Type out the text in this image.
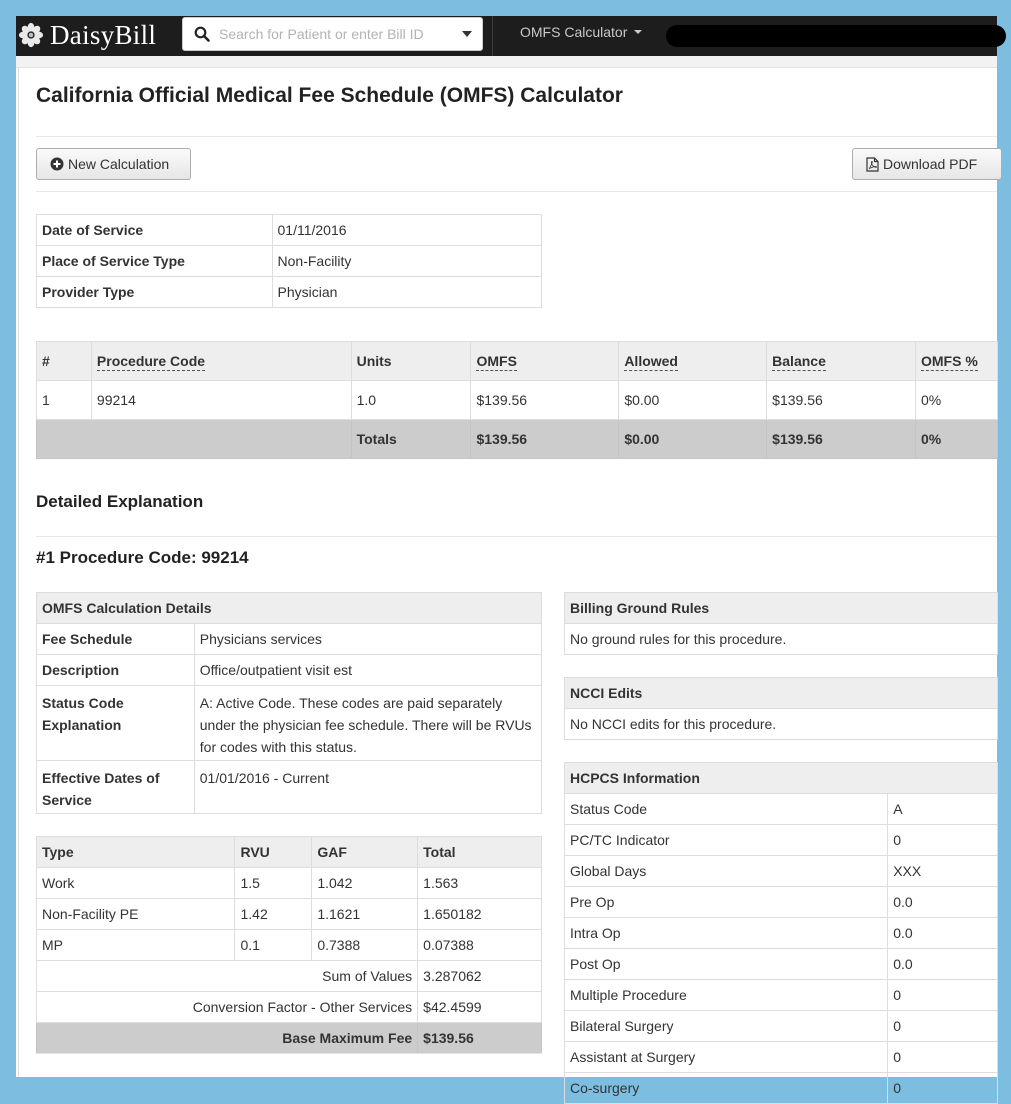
DaisyBill
Search for Patient or enter Bill ID	OMFS Calculator
California Official Medical Fee Schedule (OMFS) Calculator
New Calculation	Download PDF
Date of Service	01/11/2016
Place of Service Type	Non-Facility
Provider Type	Physician
#	Procedure Code	Units	OMFS	Allowed	Balance	OMFS %
1	99214	1.0	$139.56	$0.00	$139.56	0%
		Totals	$139.56	$0.00	$139.56	0%
Detailed Explanation
#1 Procedure Code: 99214
OMFS Calculation Details	
Fee Schedule	Physicians services
Description	Office/outpatient visit est
Status Code Explanation	A: Active Code. These codes are paid separately under the physician fee schedule. There will be RVUs for codes with this status.
Effective Dates of Service	01/01/2016 - Current
Type	RVU	GAF	Total
Work	1.5	1.042	1.563
Non-Facility PE	1.42	1.1621	1.650182
MP	0.1	0.7388	0.07388
Sum of Values			3.287062
Conversion Factor - Other Services			$42.4599
Base Maximum Fee			$139.56
Billing Ground Rules
No ground rules for this procedure.
NCCI Edits
No NCCI edits for this procedure.
HCPCS Information	
Status Code	A
PC/TC Indicator	0
Global Days	XXX
Pre Op	0.0
Intra Op	0.0
Post Op	0.0
Multiple Procedure	0
Bilateral Surgery	0
Assistant at Surgery	0
Co-surgery	0
